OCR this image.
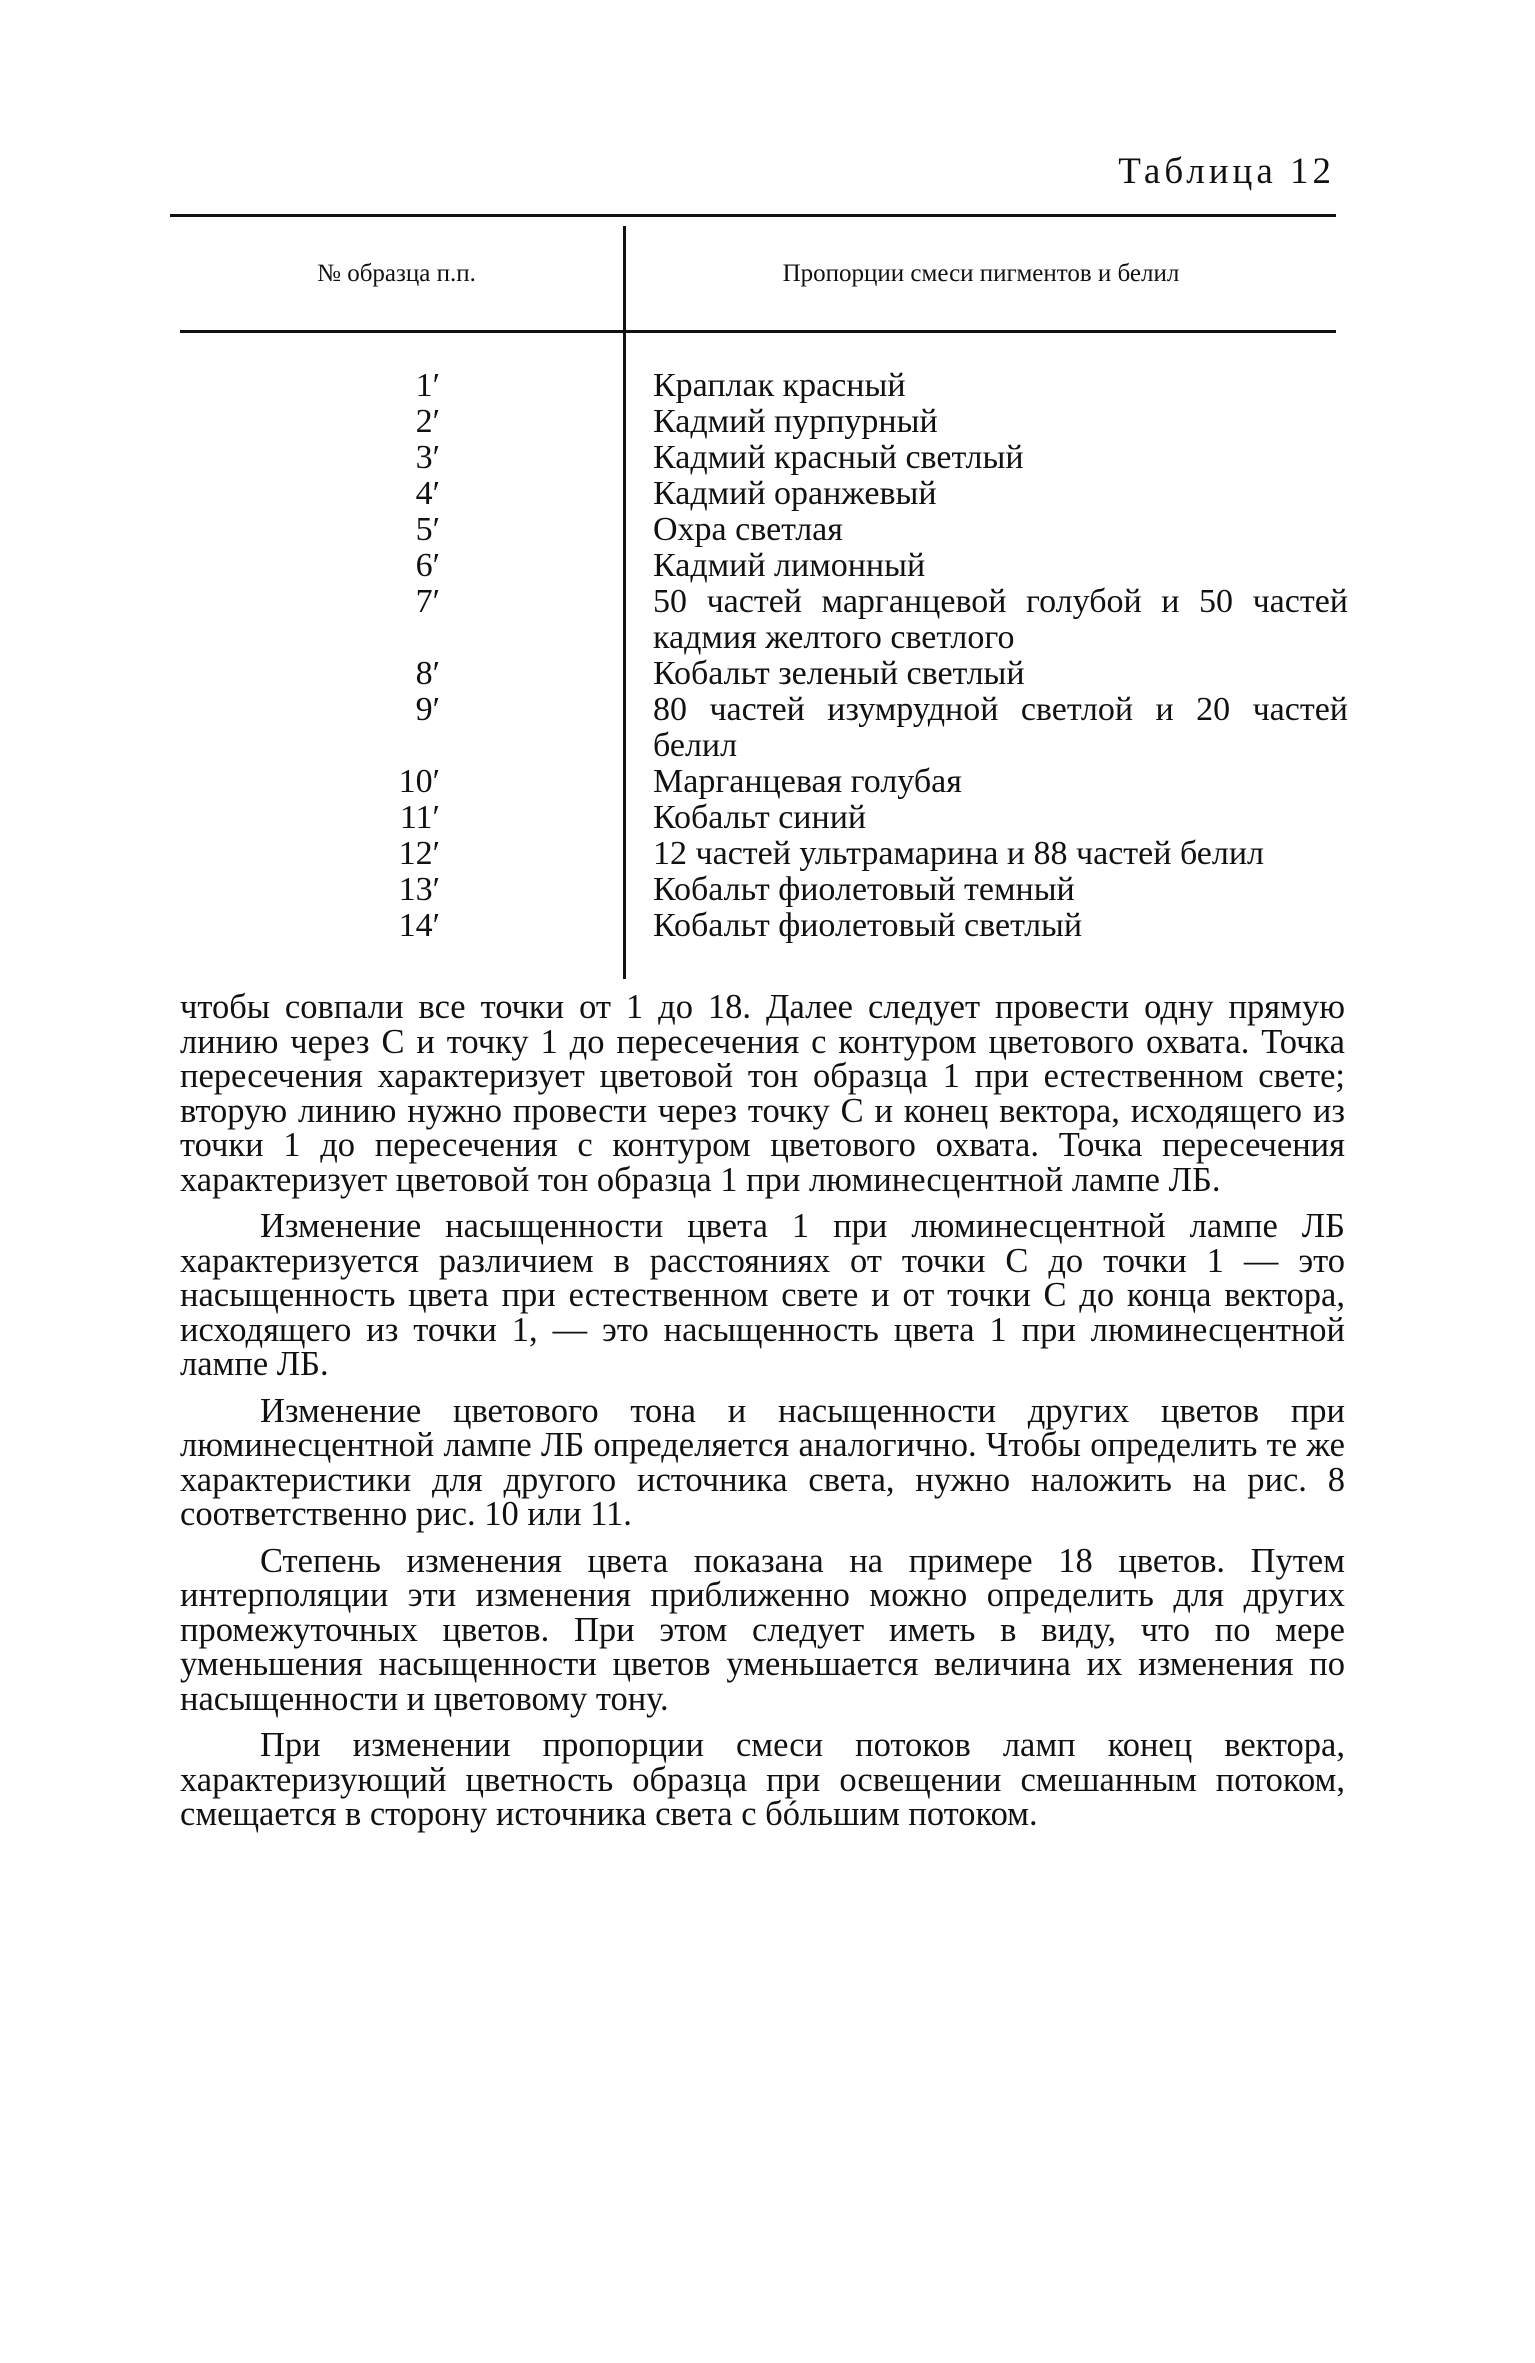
Таблица 12
№ образца п.п.	Пропорции смеси пигментов и белил
1′
2′
3′
4′
5′
6′
7′
8′
9′
10′
11′
12′
13′
14′
Краплак красный
Кадмий пурпурный
Кадмий красный светлый
Кадмий оранжевый
Охра светлая
Кадмий лимонный
50 частей марганцевой голубой и 50 частей кадмия желтого светлого
Кобальт зеленый светлый
80 частей изумрудной светлой и 20 частей белил
Марганцевая голубая
Кобальт синий
12 частей ультрамарина и 88 частей белил
Кобальт фиолетовый темный
Кобальт фиолетовый светлый

чтобы совпали все точки от 1 до 18. Далее следует провести одну прямую линию через С и точку 1 до пересечения с контуром цветового охвата. Точка пересечения характеризует цветовой тон образца 1 при естественном свете; вторую линию нужно провести через точку С и конец вектора, исходящего из точки 1 до пересечения с контуром цветового охвата. Точка пересечения характеризует цветовой тон образца 1 при люминесцентной лампе ЛБ.

Изменение насыщенности цвета 1 при люминесцентной лампе ЛБ характеризуется различием в расстояниях от точки С до точки 1 — это насыщенность цвета при естественном свете и от точки С до конца вектора, исходящего из точки 1, — это насыщенность цвета 1 при люминесцентной лампе ЛБ.

Изменение цветового тона и насыщенности других цветов при люминесцентной лампе ЛБ определяется аналогично. Чтобы определить те же характеристики для другого источника света, нужно наложить на рис. 8 соответственно рис. 10 или 11.

Степень изменения цвета показана на примере 18 цветов. Путем интерполяции эти изменения приближенно можно определить для других промежуточных цветов. При этом следует иметь в виду, что по мере уменьшения насыщенности цветов уменьшается величина их изменения по насыщенности и цветовому тону.

При изменении пропорции смеси потоков ламп конец вектора, характеризующий цветность образца при освещении смешанным потоком, смещается в сторону источника света с бóльшим потоком.
